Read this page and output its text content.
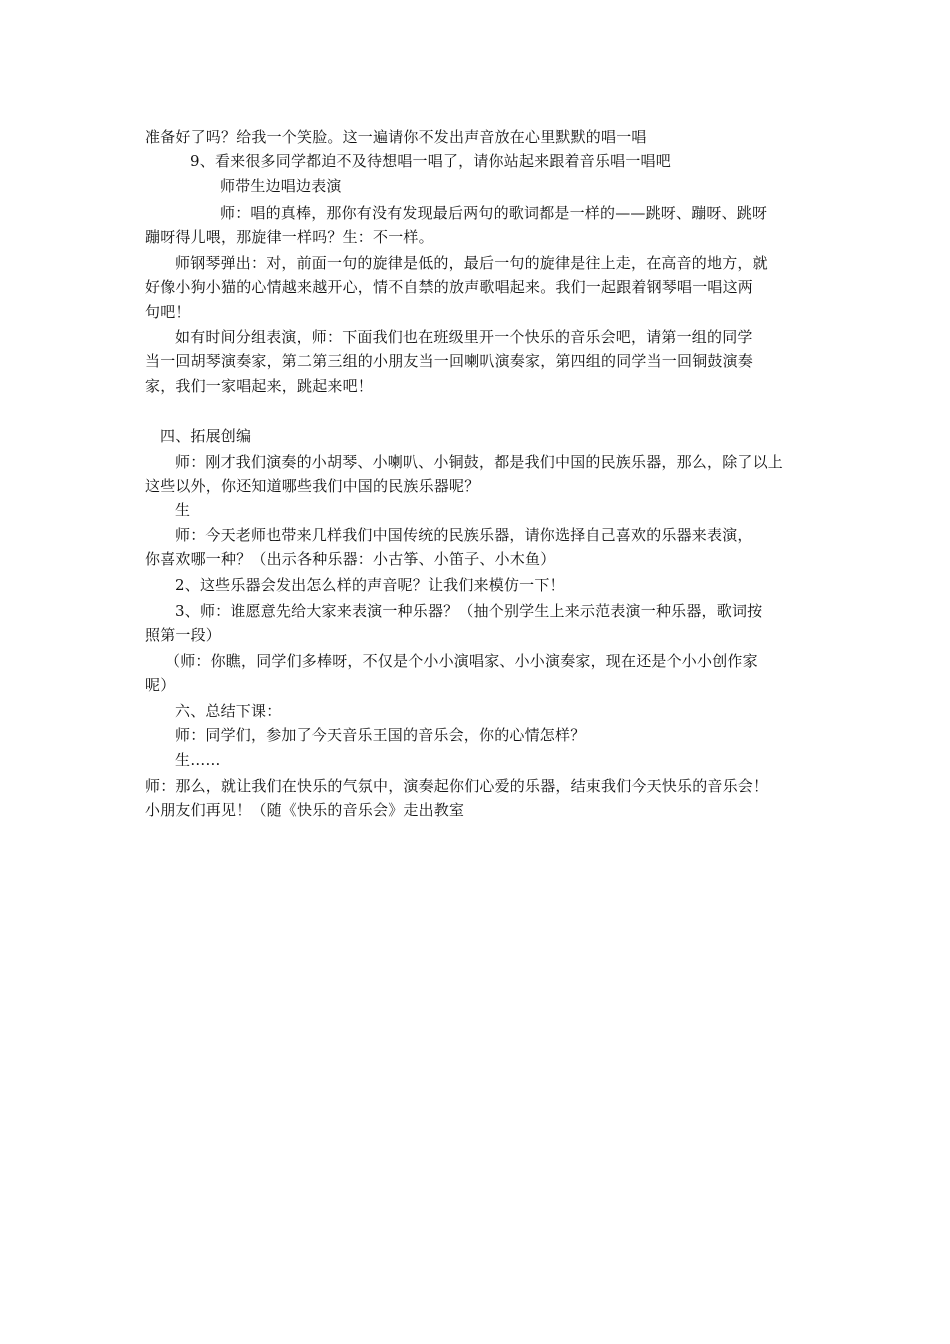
准备好了吗？给我一个笑脸。这一遍请你不发出声音放在心里默默的唱一唱
9、看来很多同学都迫不及待想唱一唱了，请你站起来跟着音乐唱一唱吧
师带生边唱边表演
师：唱的真棒，那你有没有发现最后两句的歌词都是一样的——跳呀、蹦呀、跳呀
蹦呀得儿喂，那旋律一样吗？生：不一样。
师钢琴弹出：对，前面一句的旋律是低的，最后一句的旋律是往上走，在高音的地方，就
好像小狗小猫的心情越来越开心，情不自禁的放声歌唱起来。我们一起跟着钢琴唱一唱这两
句吧！
如有时间分组表演，师：下面我们也在班级里开一个快乐的音乐会吧，请第一组的同学
当一回胡琴演奏家，第二第三组的小朋友当一回喇叭演奏家，第四组的同学当一回铜鼓演奏
家，我们一家唱起来，跳起来吧！
四、拓展创编
师：刚才我们演奏的小胡琴、小喇叭、小铜鼓，都是我们中国的民族乐器，那么，除了以上
这些以外，你还知道哪些我们中国的民族乐器呢？
生
师：今天老师也带来几样我们中国传统的民族乐器，请你选择自己喜欢的乐器来表演，
你喜欢哪一种？（出示各种乐器：小古筝、小笛子、小木鱼）
2、这些乐器会发出怎么样的声音呢？让我们来模仿一下！
3、师：谁愿意先给大家来表演一种乐器？（抽个别学生上来示范表演一种乐器，歌词按
照第一段）
（师：你瞧，同学们多棒呀，不仅是个小小演唱家、小小演奏家，现在还是个小小创作家
呢）
六、总结下课：
师：同学们，参加了今天音乐王国的音乐会，你的心情怎样？
生……
师：那么，就让我们在快乐的气氛中，演奏起你们心爱的乐器，结束我们今天快乐的音乐会！
小朋友们再见！（随《快乐的音乐会》走出教室
